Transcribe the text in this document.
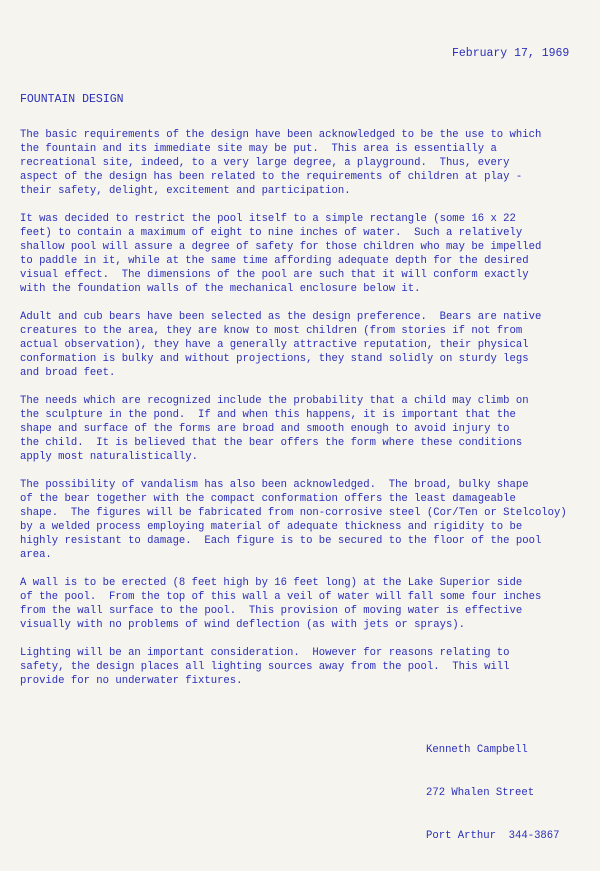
February 17, 1969
FOUNTAIN DESIGN

The basic requirements of the design have been acknowledged to be the use to which
the fountain and its immediate site may be put.  This area is essentially a
recreational site, indeed, to a very large degree, a playground.  Thus, every
aspect of the design has been related to the requirements of children at play -
their safety, delight, excitement and participation.

It was decided to restrict the pool itself to a simple rectangle (some 16 x 22
feet) to contain a maximum of eight to nine inches of water.  Such a relatively
shallow pool will assure a degree of safety for those children who may be impelled
to paddle in it, while at the same time affording adequate depth for the desired
visual effect.  The dimensions of the pool are such that it will conform exactly
with the foundation walls of the mechanical enclosure below it.

Adult and cub bears have been selected as the design preference.  Bears are native
creatures to the area, they are know to most children (from stories if not from
actual observation), they have a generally attractive reputation, their physical
conformation is bulky and without projections, they stand solidly on sturdy legs
and broad feet.

The needs which are recognized include the probability that a child may climb on
the sculpture in the pond.  If and when this happens, it is important that the
shape and surface of the forms are broad and smooth enough to avoid injury to
the child.  It is believed that the bear offers the form where these conditions
apply most naturalistically.

The possibility of vandalism has also been acknowledged.  The broad, bulky shape
of the bear together with the compact conformation offers the least damageable
shape.  The figures will be fabricated from non-corrosive steel (Cor/Ten or Stelcoloy)
by a welded process employing material of adequate thickness and rigidity to be
highly resistant to damage.  Each figure is to be secured to the floor of the pool
area.

A wall is to be erected (8 feet high by 16 feet long) at the Lake Superior side
of the pool.  From the top of this wall a veil of water will fall some four inches
from the wall surface to the pool.  This provision of moving water is effective
visually with no problems of wind deflection (as with jets or sprays).

Lighting will be an important consideration.  However for reasons relating to
safety, the design places all lighting sources away from the pool.  This will
provide for no underwater fixtures.

Kenneth Campbell

272 Whalen Street

Port Arthur  344-3867
